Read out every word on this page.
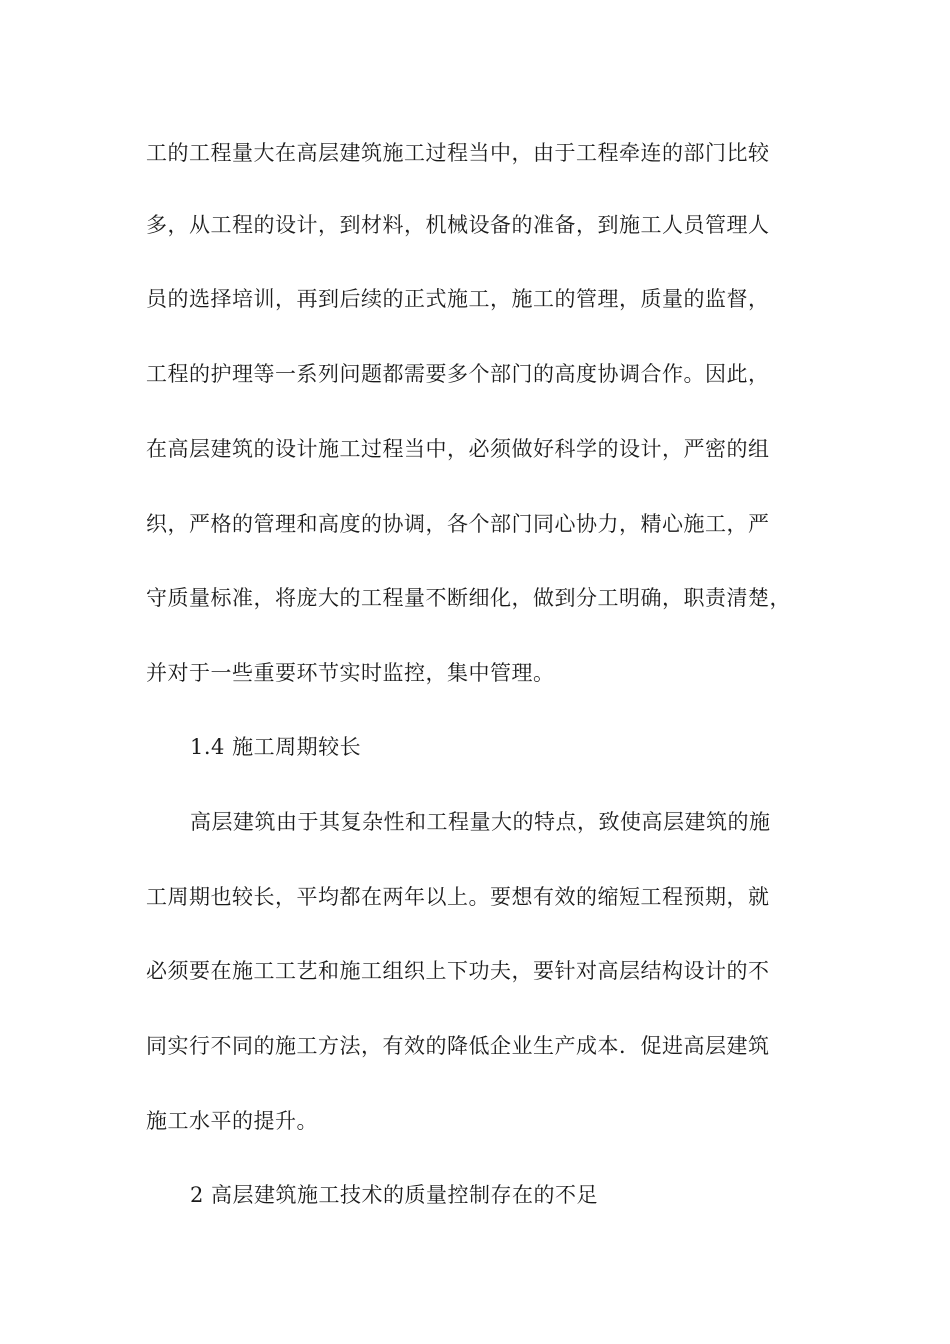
工的工程量大在高层建筑施工过程当中，由于工程牵连的部门比较
多，从工程的设计，到材料，机械设备的准备，到施工人员管理人
员的选择培训，再到后续的正式施工，施工的管理，质量的监督，
工程的护理等一系列问题都需要多个部门的高度协调合作。因此，
在高层建筑的设计施工过程当中，必须做好科学的设计，严密的组
织，严格的管理和高度的协调，各个部门同心协力，精心施工，严
守质量标准，将庞大的工程量不断细化，做到分工明确，职责清楚，
并对于一些重要环节实时监控，集中管理。
1.4 施工周期较长
高层建筑由于其复杂性和工程量大的特点，致使高层建筑的施
工周期也较长，平均都在两年以上。要想有效的缩短工程预期，就
必须要在施工工艺和施工组织上下功夫，要针对高层结构设计的不
同实行不同的施工方法，有效的降低企业生产成本．促进高层建筑
施工水平的提升。
2 高层建筑施工技术的质量控制存在的不足
